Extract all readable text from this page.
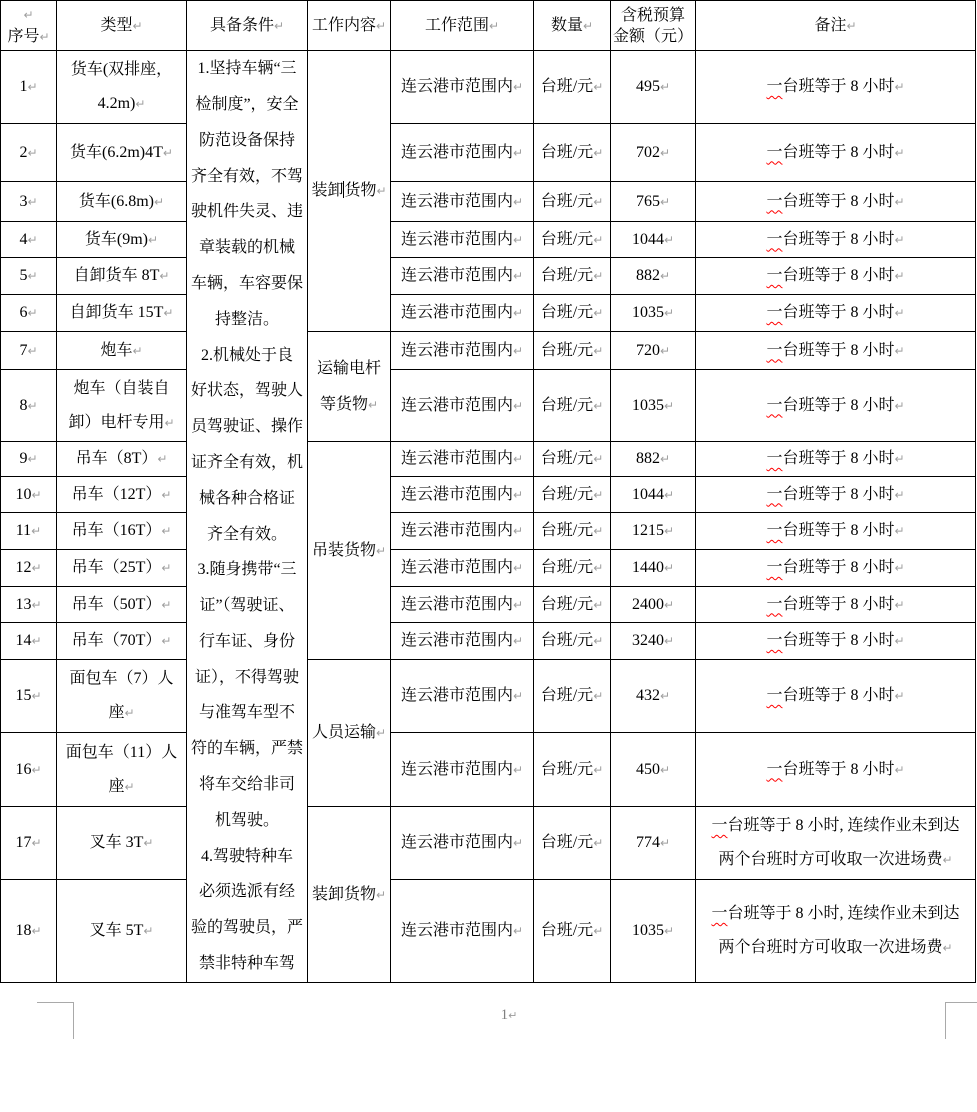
↵
序号↵	类型↵	具备条件↵	工作内容↵	工作范围↵	数量↵	含税预算
金额（元）	备注↵
1↵	货车(双排座，
4.2m)↵	1.坚持车辆“三
检制度”，安全
防范设备保持
齐全有效，不驾
驶机件失灵、违
章装载的机械
车辆，车容要保
持整洁。
2.机械处于良
好状态，驾驶人
员驾驶证、操作
证齐全有效，机
械各种合格证
齐全有效。
3.随身携带“三
证”（驾驶证、
行车证、身份
证），不得驾驶
与准驾车型不
符的车辆，严禁
将车交给非司
机驾驶。
4.驾驶特种车
必须选派有经
验的驾驶员，严
禁非特种车驾	装卸货物↵	连云港市范围内↵	台班/元↵	495↵	一台班等于 8 小时↵
2↵	货车(6.2m)4T↵			连云港市范围内↵	台班/元↵	702↵	一台班等于 8 小时↵
3↵	货车(6.8m)↵			连云港市范围内↵	台班/元↵	765↵	一台班等于 8 小时↵
4↵	货车(9m)↵			连云港市范围内↵	台班/元↵	1044↵	一台班等于 8 小时↵
5↵	自卸货车 8T↵			连云港市范围内↵	台班/元↵	882↵	一台班等于 8 小时↵
6↵	自卸货车 15T↵			连云港市范围内↵	台班/元↵	1035↵	一台班等于 8 小时↵
7↵	炮车↵		运输电杆
等货物↵	连云港市范围内↵	台班/元↵	720↵	一台班等于 8 小时↵
8↵	炮车（自装自
卸）电杆专用↵			连云港市范围内↵	台班/元↵	1035↵	一台班等于 8 小时↵
9↵	吊车（8T）↵		吊装货物↵	连云港市范围内↵	台班/元↵	882↵	一台班等于 8 小时↵
10↵	吊车（12T）↵			连云港市范围内↵	台班/元↵	1044↵	一台班等于 8 小时↵
11↵	吊车（16T）↵			连云港市范围内↵	台班/元↵	1215↵	一台班等于 8 小时↵
12↵	吊车（25T）↵			连云港市范围内↵	台班/元↵	1440↵	一台班等于 8 小时↵
13↵	吊车（50T）↵			连云港市范围内↵	台班/元↵	2400↵	一台班等于 8 小时↵
14↵	吊车（70T）↵			连云港市范围内↵	台班/元↵	3240↵	一台班等于 8 小时↵
15↵	面包车（7）人
座↵		人员运输↵	连云港市范围内↵	台班/元↵	432↵	一台班等于 8 小时↵
16↵	面包车（11）人
座↵			连云港市范围内↵	台班/元↵	450↵	一台班等于 8 小时↵
17↵	叉车 3T↵		装卸货物↵	连云港市范围内↵	台班/元↵	774↵	一台班等于 8 小时, 连续作业未到达
两个台班时方可收取一次进场费↵
18↵	叉车 5T↵			连云港市范围内↵	台班/元↵	1035↵	一台班等于 8 小时, 连续作业未到达
两个台班时方可收取一次进场费↵
1↵
